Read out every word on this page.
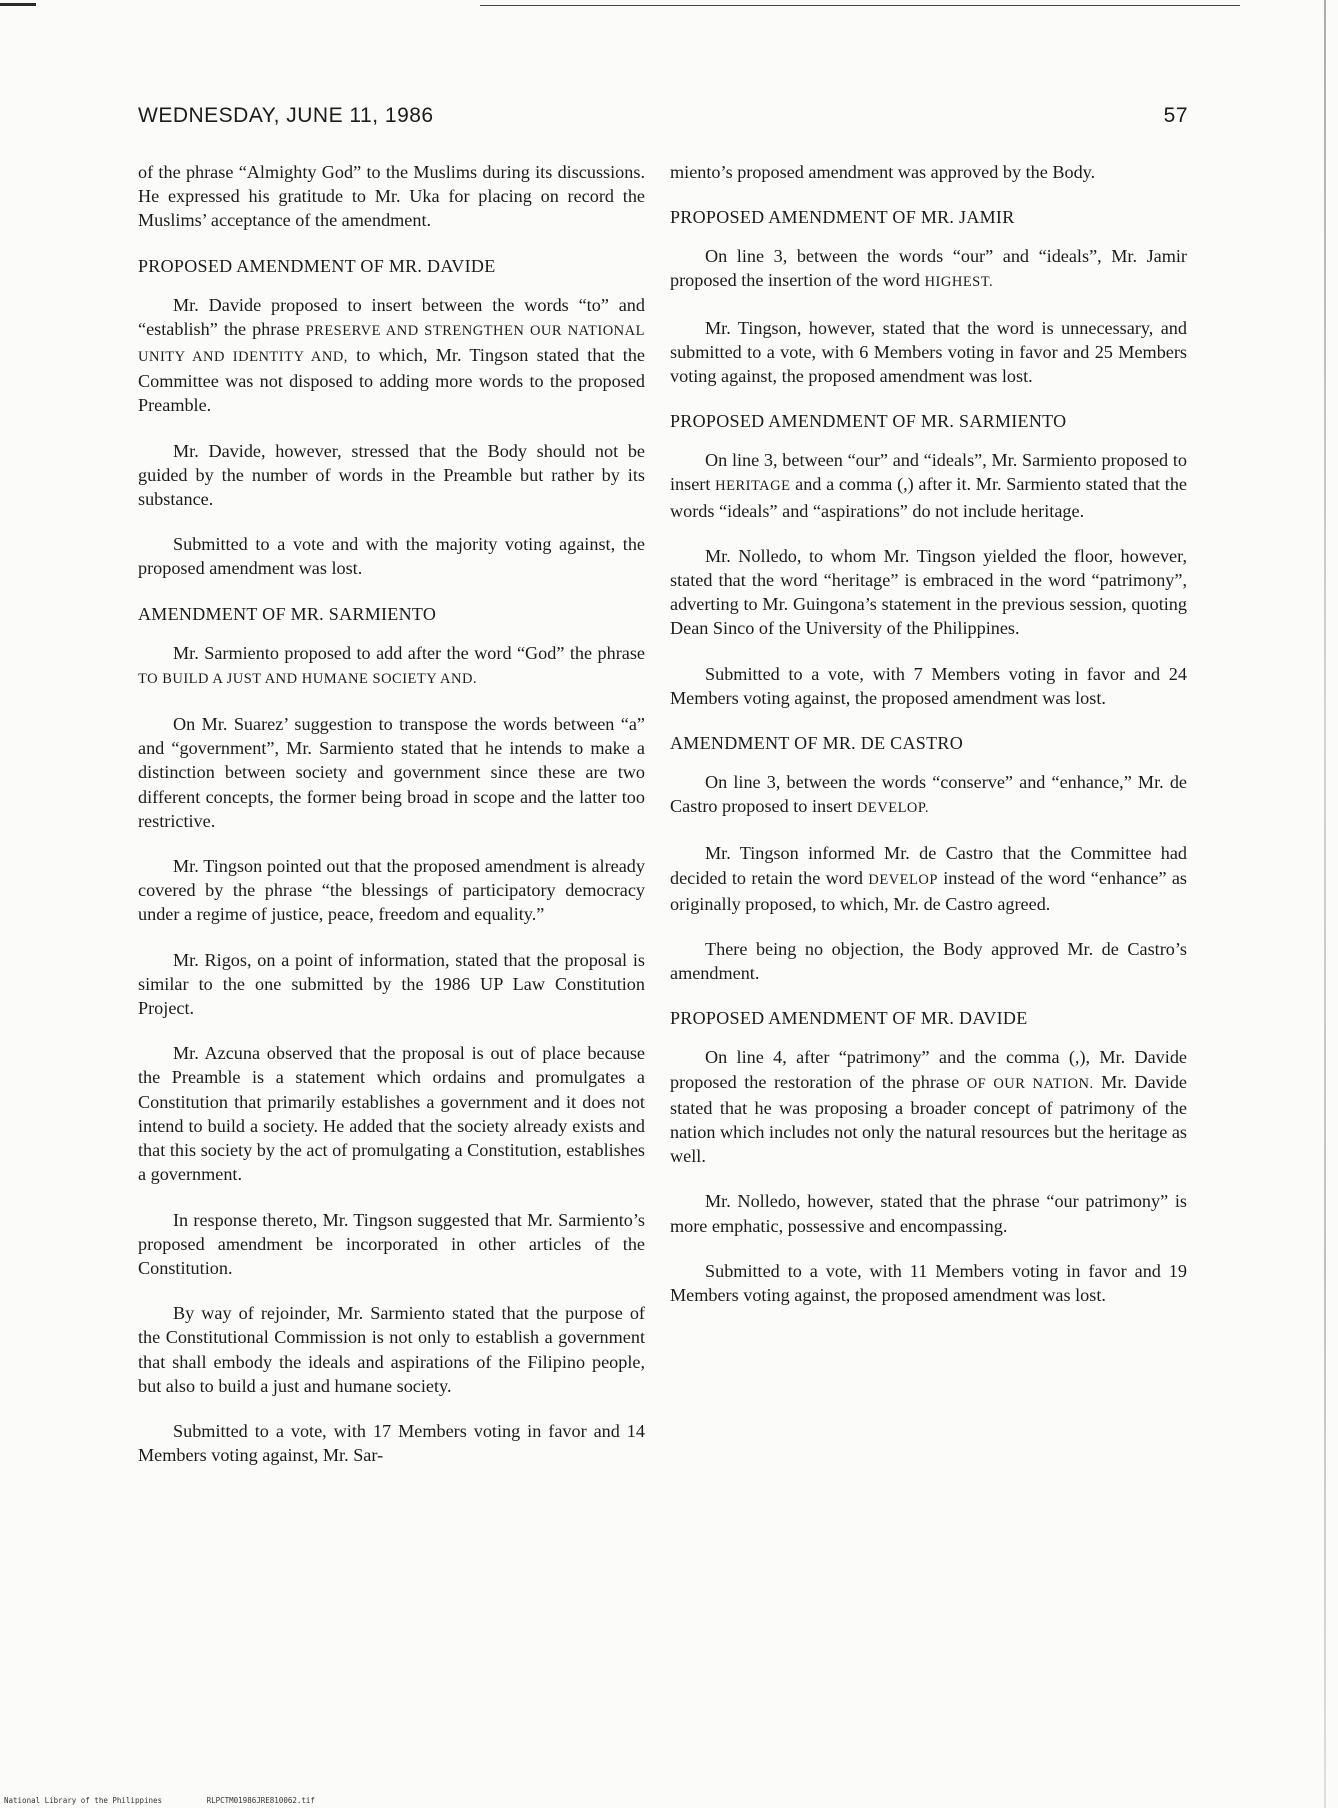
WEDNESDAY, JUNE 11, 1986	57

of the phrase “Almighty God” to the Muslims during its discussions. He expressed his gratitude to Mr. Uka for placing on record the Muslims’ acceptance of the amendment.

PROPOSED AMENDMENT OF MR. DAVIDE

Mr. Davide proposed to insert between the words “to” and “establish” the phrase PRESERVE AND STRENGTHEN OUR NATIONAL UNITY AND IDENTITY AND, to which, Mr. Tingson stated that the Committee was not disposed to adding more words to the proposed Preamble.

Mr. Davide, however, stressed that the Body should not be guided by the number of words in the Preamble but rather by its substance.

Submitted to a vote and with the majority voting against, the proposed amendment was lost.

AMENDMENT OF MR. SARMIENTO

Mr. Sarmiento proposed to add after the word “God” the phrase TO BUILD A JUST AND HUMANE SOCIETY AND.

On Mr. Suarez’ suggestion to transpose the words between “a” and “government”, Mr. Sarmiento stated that he intends to make a distinction between society and government since these are two different concepts, the former being broad in scope and the latter too restrictive.

Mr. Tingson pointed out that the proposed amendment is already covered by the phrase “the blessings of participatory democracy under a regime of justice, peace, freedom and equality.”

Mr. Rigos, on a point of information, stated that the proposal is similar to the one submitted by the 1986 UP Law Constitution Project.

Mr. Azcuna observed that the proposal is out of place because the Preamble is a statement which ordains and promulgates a Constitution that primarily establishes a government and it does not intend to build a society. He added that the society already exists and that this society by the act of promulgating a Constitution, establishes a government.

In response thereto, Mr. Tingson suggested that Mr. Sarmiento’s proposed amendment be incorporated in other articles of the Constitution.

By way of rejoinder, Mr. Sarmiento stated that the purpose of the Constitutional Commission is not only to establish a government that shall embody the ideals and aspirations of the Filipino people, but also to build a just and humane society.

Submitted to a vote, with 17 Members voting in favor and 14 Members voting against, Mr. Sar-

miento’s proposed amendment was approved by the Body.

PROPOSED AMENDMENT OF MR. JAMIR

On line 3, between the words “our” and “ideals”, Mr. Jamir proposed the insertion of the word HIGHEST.

Mr. Tingson, however, stated that the word is unnecessary, and submitted to a vote, with 6 Members voting in favor and 25 Members voting against, the proposed amendment was lost.

PROPOSED AMENDMENT OF MR. SARMIENTO

On line 3, between “our” and “ideals”, Mr. Sarmiento proposed to insert HERITAGE and a comma (,) after it. Mr. Sarmiento stated that the words “ideals” and “aspirations” do not include heritage.

Mr. Nolledo, to whom Mr. Tingson yielded the floor, however, stated that the word “heritage” is embraced in the word “patrimony”, adverting to Mr. Guingona’s statement in the previous session, quoting Dean Sinco of the University of the Philippines.

Submitted to a vote, with 7 Members voting in favor and 24 Members voting against, the proposed amendment was lost.

AMENDMENT OF MR. DE CASTRO

On line 3, between the words “conserve” and “enhance,” Mr. de Castro proposed to insert DEVELOP.

Mr. Tingson informed Mr. de Castro that the Committee had decided to retain the word DEVELOP instead of the word “enhance” as originally proposed, to which, Mr. de Castro agreed.

There being no objection, the Body approved Mr. de Castro’s amendment.

PROPOSED AMENDMENT OF MR. DAVIDE

On line 4, after “patrimony” and the comma (,), Mr. Davide proposed the restoration of the phrase OF OUR NATION. Mr. Davide stated that he was proposing a broader concept of patrimony of the nation which includes not only the natural resources but the heritage as well.

Mr. Nolledo, however, stated that the phrase “our patrimony” is more emphatic, possessive and encompassing.

Submitted to a vote, with 11 Members voting in favor and 19 Members voting against, the proposed amendment was lost.

National Library of the Philippines	RLPCTM01986JRE810062.tif
